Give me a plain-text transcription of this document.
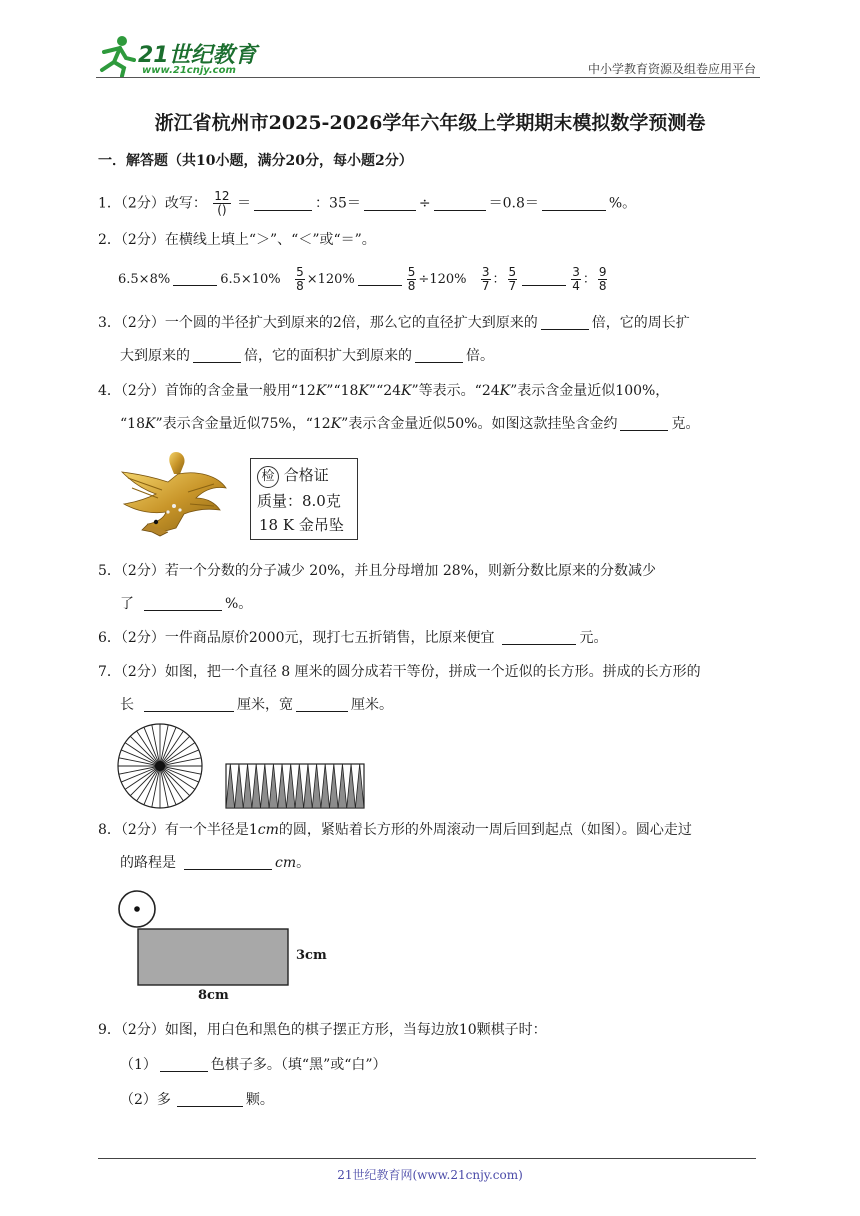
21世纪教育
www.21cnjy.com	中小学教育资源及组卷应用平台
浙江省杭州市2025-2026学年六年级上学期期末模拟数学预测卷
一．解答题（共10小题，满分20分，每小题2分）
1．（2分）改写： $\frac{12}{()}$ ＝	：35＝	÷	＝0.8＝	%。
2．（2分）在横线上填上“＞”、“＜”或“＝”。
6.5×8%	$6.5\times 10\% \frac{5}{8} \times 120\%$	$\frac{5}{8} \div 120\% \frac{3}{7}$ ： $\frac{5}{7}$	$\frac{3}{4}$ ： $\frac{9}{8}$
3．（2分）一个圆的半径扩大到原来的2倍，那么它的直径扩大到原来的	倍，它的周长扩
大到原来的	倍，它的面积扩大到原来的	倍。
4．（2分）首饰的含金量一般用“12K”“18K”“24K”等表示。“24K”表示含金量近似100%，
“18K”表示含金量近似75%，“12K”表示含金量近似50%。如图这款挂坠含金约	克。
检 合格证
质量：8.0克
18 K 金吊坠
5．（2分）若一个分数的分子减少 20%，并且分母增加 28%，则新分数比原来的分数减少
了	%。
6．（2分）一件商品原价2000元，现打七五折销售，比原来便宜	元。
7．（2分）如图，把一个直径 8 厘米的圆分成若干等份，拼成一个近似的长方形。拼成的长方形的
长	厘米，宽	厘米。
8．（2分）有一个半径是1cm的圆，紧贴着长方形的外周滚动一周后回到起点（如图）。圆心走过
的路程是	cm。
3cm
8cm
9．（2分）如图，用白色和黑色的棋子摆正方形，当每边放10颗棋子时：
（1）	色棋子多。（填“黑”或“白”）
（2）多	颗。
21世纪教育网(www.21cnjy.com)
